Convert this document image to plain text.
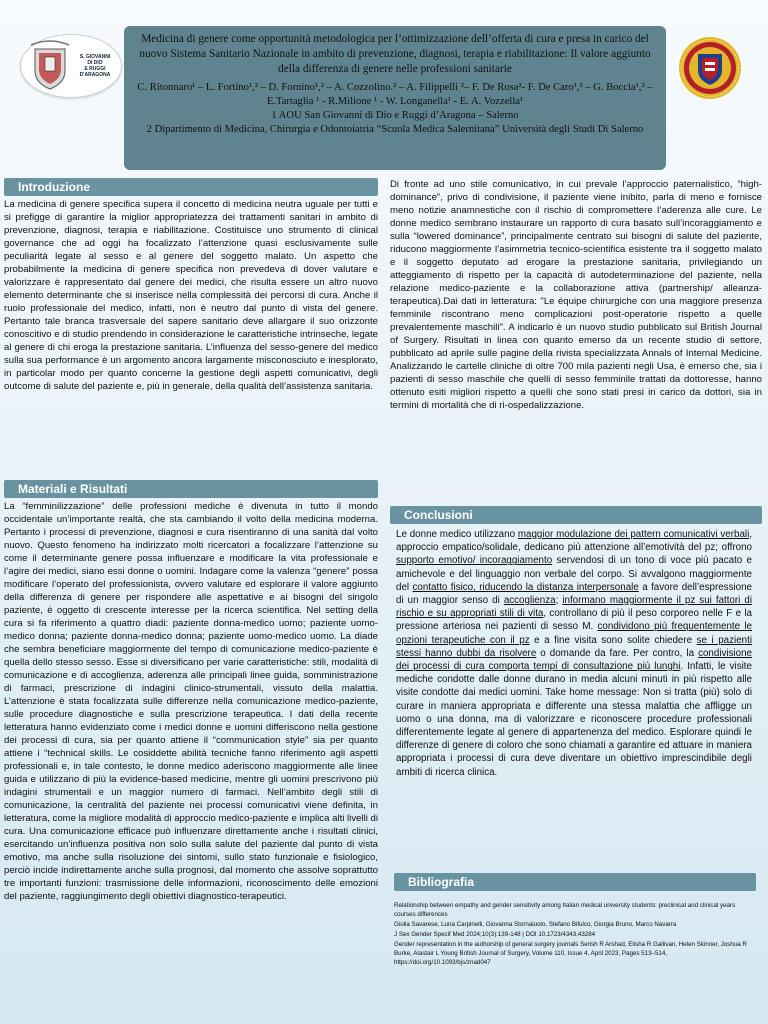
S. GIOVANNI
DI DIO
E RUGGI
D'ARAGONA

Medicina di genere come opportunità metodologica per l’ottimizzazione dell’offerta di cura e presa in carico del nuovo Sistema Sanitario Nazionale in ambito di prevenzione, diagnosi, terapia e riabilitazione: Il valore aggiunto della differenza di genere nelle professioni sanitarie

C. Ritonnaro¹ – L. Fortino¹,² – D. Fornino¹,² – A. Cozzolino.² – A. Filippelli ²– F. De Rosa²- F. De Caro¹,² – G. Boccia¹,² – E.Tartaglia ¹ - R.Milione ¹ - W. Longanella¹ - E. A. Vozzella¹
1 AOU San Giovanni di Dio e Ruggi d’Aragona – Salerno
2 Dipartimento di Medicina, Chirurgia e Odontoiatria “Scuola Medica Salernitana” Università degli Studi Di Salerno
Introduzione

La medicina di genere specifica supera il concetto di medicina neutra uguale per tutti e si prefigge di garantire la miglior appropriatezza dei trattamenti sanitari in ambito di prevenzione, diagnosi, terapia e riabilitazione. Costituisce uno strumento di clinical governance che ad oggi ha focalizzato l’attenzione quasi esclusivamente sulle peculiarità legate al sesso e al genere del soggetto malato. Un aspetto che probabilmente la medicina di genere specifica non prevedeva di dover valutare e valorizzare è rappresentato dal genere dei medici, che risulta essere un altro nuovo elemento determinante che si inserisce nella complessità dei percorsi di cura. Anche il ruolo professionale del medico, infatti, non è neutro dal punto di vista del genere. Pertanto tale branca trasversale del sapere sanitario deve allargare il suo orizzonte conoscitivo e di studio prendendo in considerazione le caratteristiche intrinseche, legate al genere di chi eroga la prestazione sanitaria. L’influenza del sesso-genere del medico sulla sua performance è un argomento ancora largamente misconosciuto e inesplorato, in particolar modo per quanto concerne la gestione degli aspetti comunicativi, degli outcome di salute del paziente e, più in generale, della qualità dell’assistenza sanitaria.

Materiali e Risultati

La “femminilizzazione” delle professioni mediche è divenuta in tutto il mondo occidentale un’importante realtà, che sta cambiando il volto della medicina moderna. Pertanto i processi di prevenzione, diagnosi e cura risentiranno di una sanità dal volto nuovo. Questo fenomeno ha indirizzato molti ricercatori a focalizzare l’attenzione su come il determinante genere possa influenzare e modificare la vita professionale e l’agire dei medici, siano essi donne o uomini. Indagare come la valenza “genere” possa modificare l’operato del professionista, ovvero valutare ed esplorare il valore aggiunto della differenza di genere per rispondere alle aspettative e ai bisogni del singolo paziente, è oggetto di crescente interesse per la ricerca scientifica. Nel setting della cura si fa riferimento a quattro diadi: paziente donna-medico uomo; paziente uomo-medico donna; paziente donna-medico donna; paziente uomo-medico uomo. La diade che sembra beneficiare maggiormente del tempo di comunicazione medico-paziente è quella dello stesso sesso. Esse si diversificano per varie caratteristiche: stili, modalità di comunicazione e di accoglienza, aderenza alle principali linee guida, somministrazione di farmaci, prescrizione di indagini clinico-strumentali, vissuto della malattia. L’attenzione è stata focalizzata sulle differenze nella comunicazione medico-paziente, sulle procedure diagnostiche e sulla prescrizione terapeutica. I dati della recente letteratura hanno evidenziato come i medici donne e uomini differiscono nella gestione dei processi di cura, sia per quanto attiene il “communication style” sia per quanto attiene i “technical skills. Le cosiddette abilità tecniche fanno riferimento agli aspetti professionali e, in tale contesto, le donne medico aderiscono maggiormente alle linee guida e utilizzano di più la evidence-based medicine, mentre gli uomini prescrivono più indagini strumentali e un maggior numero di farmaci. Nell’ambito degli stili di comunicazione, la centralità del paziente nei processi comunicativi viene definita, in letteratura, come la migliore modalità di approccio medico-paziente e implica alti livelli di cura. Una comunicazione efficace può influenzare direttamente anche i risultati clinici, esercitando un’influenza positiva non solo sulla salute del paziente dal punto di vista emotivo, ma anche sulla risoluzione dei sintomi, sullo stato funzionale e fisiologico, perciò incide indirettamente anche sulla prognosi, dal momento che assolve soprattutto tre importanti funzioni: trasmissione delle informazioni, riconoscimento delle emozioni del paziente, raggiungimento degli obiettivi diagnostico-terapeutici.

Di fronte ad uno stile comunicativo, in cui prevale l’approccio paternalistico, “high-dominance”, privo di condivisione, il paziente viene inibito, parla di meno e fornisce meno notizie anamnestiche con il rischio di compromettere l’aderenza alle cure. Le donne medico sembrano instaurare un rapporto di cura basato sull’incoraggiamento e sulla “lowered dominance”, principalmente centrato sui bisogni di salute del paziente, riducono maggiormente l’asimmetria tecnico-scientifica esistente tra il soggetto malato e il soggetto deputato ad erogare la prestazione sanitaria, privilegiando un atteggiamento di rispetto per la capacità di autodeterminazione del paziente, nella relazione medico-paziente e la collaborazione attiva (partnership/ alleanza-terapeutica).Dai dati in letteratura: "Le équipe chirurgiche con una maggiore presenza femminile riscontrano meno complicazioni post-operatorie rispetto a quelle prevalentemente maschili". A indicarlo è un nuovo studio pubblicato sul British Journal of Surgery. Risultati in linea con quanto emerso da un recente studio di settore, pubblicato ad aprile sulle pagine della rivista specializzata Annals of Internal Medicine. Analizzando le cartelle cliniche di oltre 700 mila pazienti negli Usa, è emerso che, sia i pazienti di sesso maschile che quelli di sesso femminile trattati da dottoresse, hanno ottenuto esiti migliori rispetto a quelli che sono stati presi in carico da dottori, sia in termini di mortalità che di ri-ospedalizzazione.

Conclusioni

Le donne medico utilizzano maggior modulazione dei pattern comunicativi verbali, approccio empatico/solidale, dedicano più attenzione all’emotività del pz; offrono supporto emotivo/ incoraggiamento servendosi di un tono di voce più pacato e amichevole e del linguaggio non verbale del corpo. Si avvalgono maggiormente del contatto fisico, riducendo la distanza interpersonale a favore dell’espressione di un maggior senso di accoglienza; informano maggiormente il pz sui fattori di rischio e su appropriati stili di vita, controllano di più il peso corporeo nelle F e la pressione arteriosa nei pazienti di sesso M. condividono più frequentemente le opzioni terapeutiche con il pz e a fine visita sono solite chiedere se i pazienti stessi hanno dubbi da risolvere o domande da fare. Per contro, la condivisione dei processi di cura comporta tempi di consultazione più lunghi. Infatti, le visite mediche condotte dalle donne durano in media alcuni minuti in più rispetto alle visite condotte dai medici uomini. Take home message: Non si tratta (più) solo di curare in maniera appropriata e differente una stessa malattia che affligge un uomo o una donna, ma di valorizzare e riconoscere procedure professionali differentemente legate al genere di appartenenza del medico. Esplorare quindi le differenze di genere di coloro che sono chiamati a garantire ed attuare in maniera appropriata i processi di cura deve diventare un obiettivo imprescindibile degli ambiti di ricerca clinica.

Bibliografia

Relationship between empathy and gender sensitivity among Italian medical university students: preclinical and clinical years courses differences

Giulia Savarese, Luna Carpinelli, Giovanna Stornaiuolo, Stefano Bifulco, Giorgia Bruno, Marco Navarra

J Sex Gender Specif Med 2024;10(3):139-148 | DOI 10.1723/4343.43284

Gender representation in the authorship of general surgery journals Serish R Arshad, Elisha R Gallivan, Helen Skinner, Joshua R Burke, Alastair L Young British Journal of Surgery, Volume 110, Issue 4, April 2023, Pages 513–514, https://doi.org/10.1093/bjs/znad047
